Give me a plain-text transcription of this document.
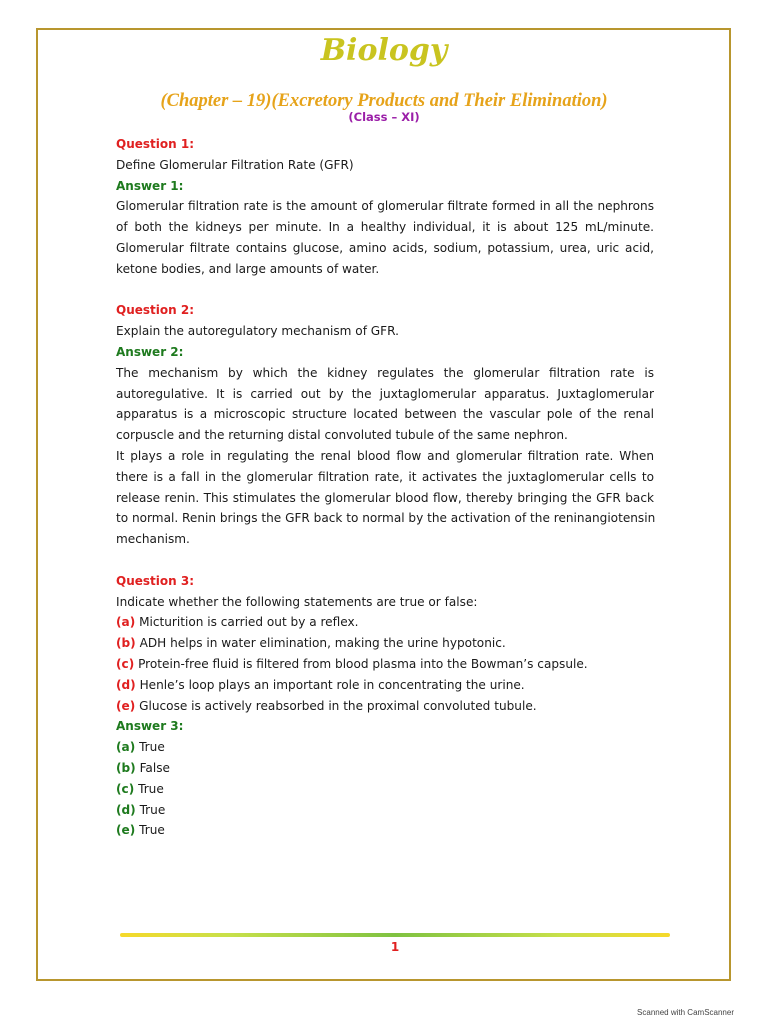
Biology
(Chapter – 19)(Excretory Products and Their Elimination)
(Class – XI)
Question 1:
Define Glomerular Filtration Rate (GFR)
Answer 1:
Glomerular filtration rate is the amount of glomerular filtrate formed in all the nephrons
of both the kidneys per minute. In a healthy individual, it is about 125 mL/minute.
Glomerular filtrate contains glucose, amino acids, sodium, potassium, urea, uric acid,
ketone bodies, and large amounts of water.
Question 2:
Explain the autoregulatory mechanism of GFR.
Answer 2:
The mechanism by which the kidney regulates the glomerular filtration rate is
autoregulative. It is carried out by the juxtaglomerular apparatus. Juxtaglomerular
apparatus is a microscopic structure located between the vascular pole of the renal
corpuscle and the returning distal convoluted tubule of the same nephron.
It plays a role in regulating the renal blood flow and glomerular filtration rate. When
there is a fall in the glomerular filtration rate, it activates the juxtaglomerular cells to
release renin. This stimulates the glomerular blood flow, thereby bringing the GFR back
to normal. Renin brings the GFR back to normal by the activation of the reninangiotensin
mechanism.
Question 3:
Indicate whether the following statements are true or false:
(a) Micturition is carried out by a reflex.
(b) ADH helps in water elimination, making the urine hypotonic.
(c) Protein-free fluid is filtered from blood plasma into the Bowman’s capsule.
(d) Henle’s loop plays an important role in concentrating the urine.
(e) Glucose is actively reabsorbed in the proximal convoluted tubule.
Answer 3:
(a) True
(b) False
(c) True
(d) True
(e) True
1
Scanned with CamScanner
